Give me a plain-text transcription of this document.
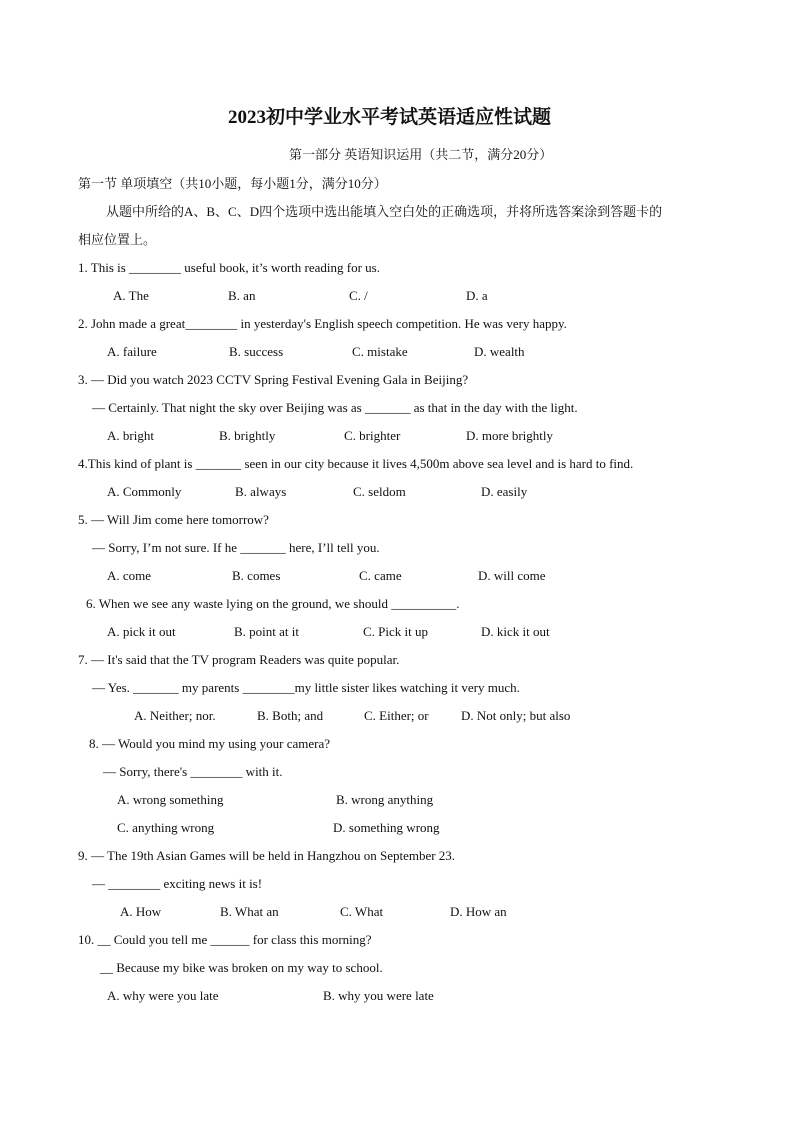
2023初中学业水平考试英语适应性试题
第一部分 英语知识运用（共二节，满分20分）
第一节 单项填空（共10小题，每小题1分，满分10分）
从题中所给的A、B、C、D四个选项中选出能填入空白处的正确选项，并将所选答案涂到答题卡的
相应位置上。
1. This is ________ useful book, it’s worth reading for us.
A. The	B. an	C. /	D. a
2. John made a great________ in yesterday's English speech competition. He was very happy.
A. failure	B. success	C. mistake	D. wealth
3. — Did you watch 2023 CCTV Spring Festival Evening Gala in Beijing?
— Certainly. That night the sky over Beijing was as _______ as that in the day with the light.
A. bright	B. brightly	C. brighter	D. more brightly
4.This kind of plant is _______ seen in our city because it lives 4,500m above sea level and is hard to find.
A. Commonly	B. always	C. seldom	D. easily
5. — Will Jim come here tomorrow?
— Sorry, I’m not sure. If he _______ here, I’ll tell you.
A. come	B. comes	C. came	D. will come
6. When we see any waste lying on the ground, we should __________.
A. pick it out	B. point at it	C. Pick it up	D. kick it out
7. — It's said that the TV program Readers was quite popular.
— Yes. _______ my parents ________my little sister likes watching it very much.
A. Neither; nor.	B. Both; and	C. Either; or D. Not only; but also
8. — Would you mind my using your camera?
— Sorry, there's ________ with it.
A. wrong something	B. wrong anything
C. anything wrong	D. something wrong
9. — The 19th Asian Games will be held in Hangzhou on September 23.
— ________ exciting news it is!
A. How	B. What an	C. What	D. How an
10. __ Could you tell me ______ for class this morning?
__ Because my bike was broken on my way to school.
A. why were you late	B. why you were late
